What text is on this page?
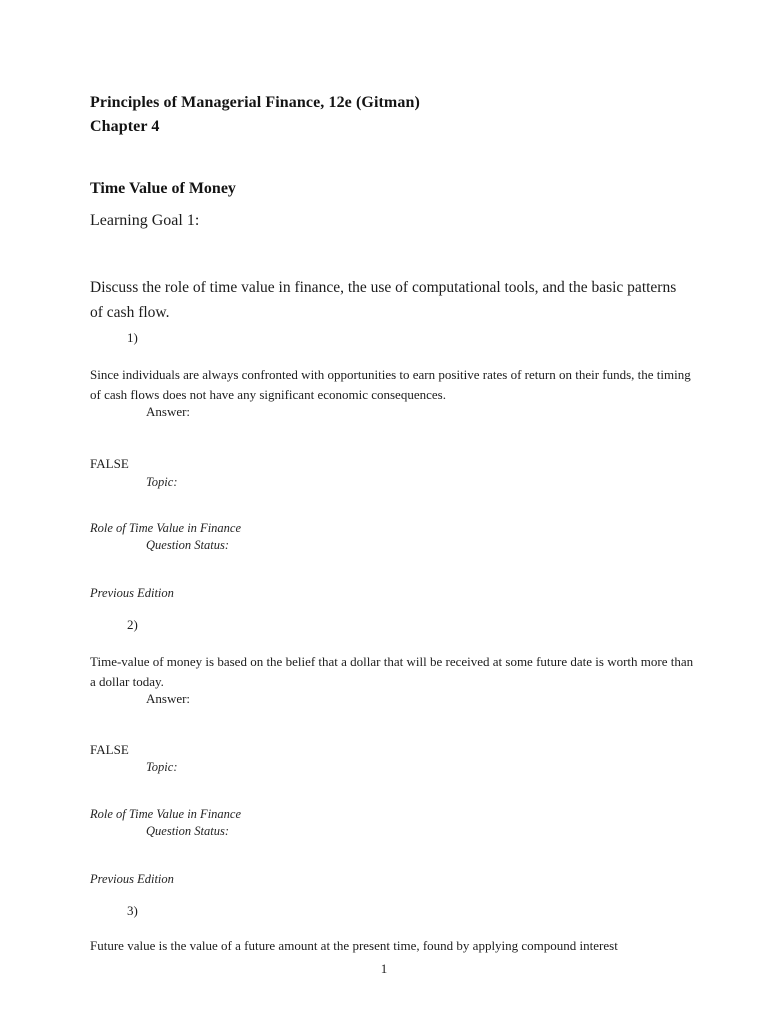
Principles of Managerial Finance, 12e (Gitman)
Chapter 4
Time Value of Money
Learning Goal 1:
Discuss the role of time value in finance, the use of computational tools, and the basic patterns of cash flow.
1)
Since individuals are always confronted with opportunities to earn positive rates of return on their funds, the timing of cash flows does not have any significant economic consequences.
Answer:
FALSE
Topic:
Role of Time Value in Finance
Question Status:
Previous Edition
2)
Time-value of money is based on the belief that a dollar that will be received at some future date is worth more than a dollar today.
Answer:
FALSE
Topic:
Role of Time Value in Finance
Question Status:
Previous Edition
3)
Future value is the value of a future amount at the present time, found by applying compound interest
1
